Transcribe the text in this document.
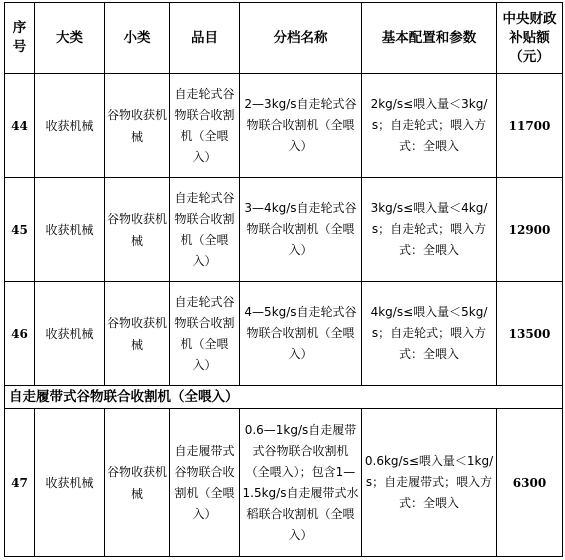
序号	大类	小类	品目	分档名称	基本配置和参数	中央财政补贴额（元）
44	收获机械	谷物收获机械	自走轮式谷物联合收割机（全喂入）	2—3kg/s自走轮式谷物联合收割机（全喂入）	2kg/s≤喂入量＜3kg/s；自走轮式；喂入方式：全喂入	11700
45	收获机械	谷物收获机械	自走轮式谷物联合收割机（全喂入）	3—4kg/s自走轮式谷物联合收割机（全喂入）	3kg/s≤喂入量＜4kg/s；自走轮式；喂入方式：全喂入	12900
46	收获机械	谷物收获机械	自走轮式谷物联合收割机（全喂入）	4—5kg/s自走轮式谷物联合收割机（全喂入）	4kg/s≤喂入量＜5kg/s；自走轮式；喂入方式：全喂入	13500
自走履带式谷物联合收割机（全喂入）						
47	收获机械	谷物收获机械	自走履带式谷物联合收割机（全喂入）	0.6—1kg/s自走履带式谷物联合收割机（全喂入）；包含1—1.5kg/s自走履带式水稻联合收割机（全喂入）	0.6kg/s≤喂入量＜1kg/s；自走履带式；喂入方式：全喂入	6300
